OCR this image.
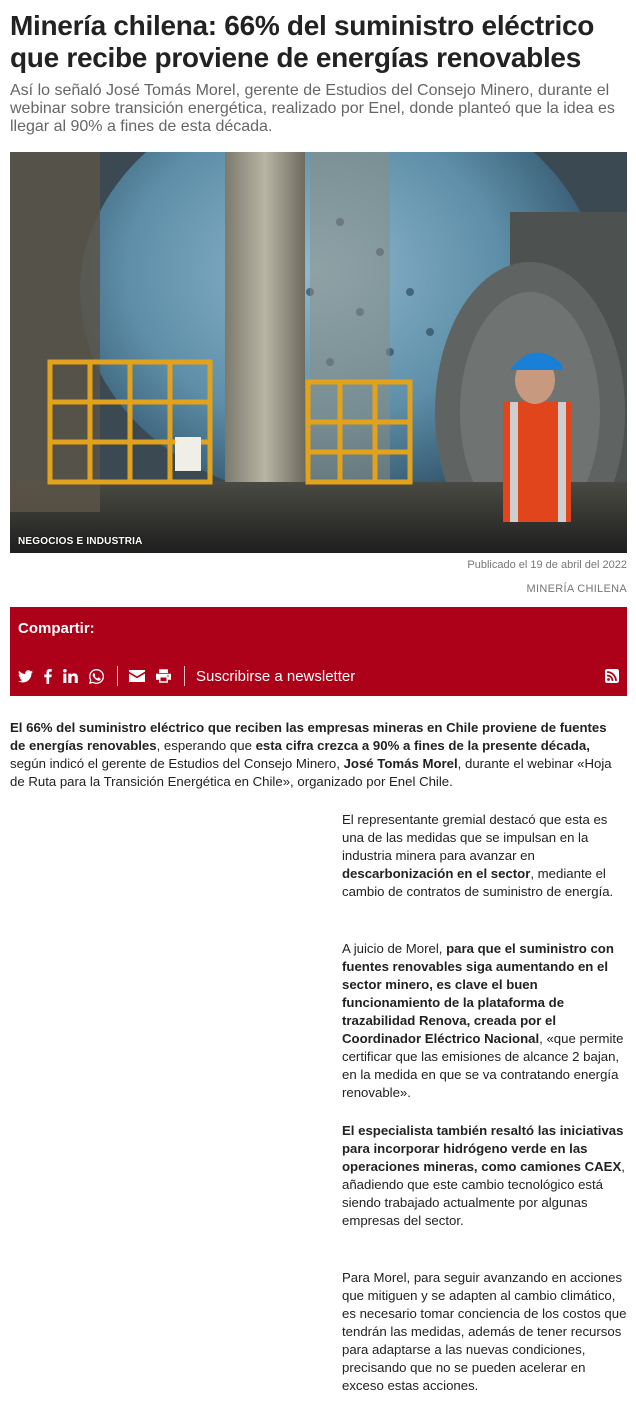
Minería chilena: 66% del suministro eléctrico que recibe proviene de energías renovables

Así lo señaló José Tomás Morel, gerente de Estudios del Consejo Minero, durante el webinar sobre transición energética, realizado por Enel, donde planteó que la idea es llegar al 90% a fines de esta década.

NEGOCIOS E INDUSTRIA
Publicado el 19 de abril del 2022
MINERÍA CHILENA
Compartir:
Suscribirse a newsletter

El 66% del suministro eléctrico que reciben las empresas mineras en Chile proviene de fuentes de energías renovables, esperando que esta cifra crezca a 90% a fines de la presente década, según indicó el gerente de Estudios del Consejo Minero, José Tomás Morel, durante el webinar «Hoja de Ruta para la Transición Energética en Chile», organizado por Enel Chile.

El representante gremial destacó que esta es una de las medidas que se impulsan en la industria minera para avanzar en descarbonización en el sector, mediante el cambio de contratos de suministro de energía.

A juicio de Morel, para que el suministro con fuentes renovables siga aumentando en el sector minero, es clave el buen funcionamiento de la plataforma de trazabilidad Renova, creada por el Coordinador Eléctrico Nacional, «que permite certificar que las emisiones de alcance 2 bajan, en la medida en que se va contratando energía renovable».

El especialista también resaltó las iniciativas para incorporar hidrógeno verde en las operaciones mineras, como camiones CAEX, añadiendo que este cambio tecnológico está siendo trabajado actualmente por algunas empresas del sector.

Para Morel, para seguir avanzando en acciones que mitiguen y se adapten al cambio climático, es necesario tomar conciencia de los costos que tendrán las medidas, además de tener recursos para adaptarse a las nuevas condiciones, precisando que no se pueden acelerar en exceso estas acciones.
